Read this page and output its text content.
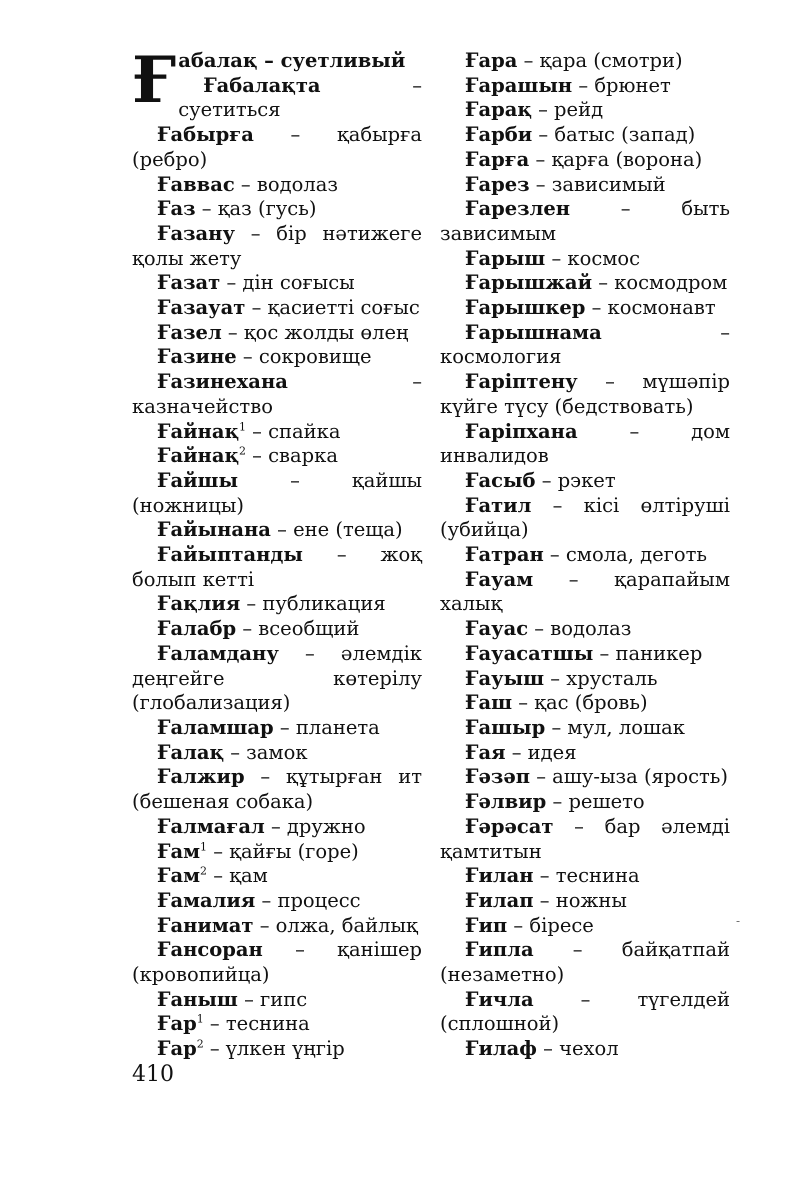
Ғабалақ – суетливый
Ғабалақта – суетиться
Ғабырға – қабырға (ребро)
Ғаввас – водолаз
Ғаз – қаз (гусь)
Ғазану – бір нәтижеге қолы жету
Ғазат – дін соғысы
Ғазауат – қасиетті соғыс
Ғазел – қос жолды өлең
Ғазине – сокровище
Ғазинехана – казначейство
Ғайнақ$^1$ – спайка
Ғайнақ$^2$ – сварка
Ғайшы – қайшы (ножницы)
Ғайынана – ене (теща)
Ғайыптанды – жоқ болып кетті
Ғақлия – публикация
Ғалабр – всеобщий
Ғаламдану – әлемдік деңгейге көтерілу (глобализация)
Ғаламшар – планета
Ғалақ – замок
Ғалжир – құтырған ит (бешеная собака)
Ғалмағал – дружно
Ғам$^1$ – қайғы (горе)
Ғам$^2$ – қам
Ғамалия – процесс
Ғанимат – олжа, байлық
Ғансоран – қанішер (кровопийца)
Ғаныш – гипс
Ғар$^1$ – теснина
Ғар$^2$ – үлкен үңгір
Ғара – қара (смотри)
Ғарашын – брюнет
Ғарақ – рейд
Ғарби – батыс (запад)
Ғарға – қарға (ворона)
Ғарез – зависимый
Ғарезлен – быть зависимым
Ғарыш – космос
Ғарышжай – космодром
Ғарышкер – космонавт
Ғарышнама – космология
Ғаріптену – мүшәпір күйге түсу (бедствовать)
Ғаріпхана – дом инвалидов
Ғасыб – рэкет
Ғатил – кісі өлтіруші (убийца)
Ғатран – смола, деготь
Ғауам – қарапайым халық
Ғауас – водолаз
Ғауасатшы – паникер
Ғауыш – хрусталь
Ғаш – қас (бровь)
Ғашыр – мул, лошак
Ғая – идея
Ғәзәп – ашу-ыза (ярость)
Ғәлвир – решето
Ғәрәсат – бар әлемді қамтитын
Ғилан – теснина
Ғилап – ножны
Ғип – біресе
Ғипла – байқатпай (незаметно)
Ғичла – түгелдей (сплошной)
Ғилаф – чехол
410
-
